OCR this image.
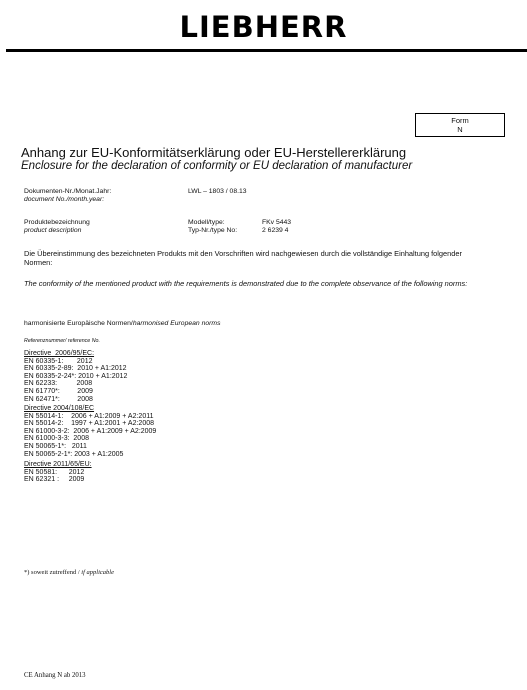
LIEBHERR
Form
N
Anhang zur EU-Konformitätserklärung oder EU-Herstellererklärung
Enclosure for the declaration of conformity or EU declaration of manufacturer
Dokumenten-Nr./Monat.Jahr:
document No./month.year:
LWL – 1803 / 08.13
Produktebezeichnung
product description
Modell/type:	FKv 5443
Typ-Nr./type No:	2 6239 4
Die Übereinstimmung des bezeichneten Produkts mit den Vorschriften wird nachgewiesen durch die vollständige Einhaltung folgender Normen:
The conformity of the mentioned product with the requirements is demonstrated due to the complete observance of the following norms:
harmonisierte Europäische Normen/harmonised European norms
Referenznummer/ reference No.
Directive  2006/95/EC:
EN 60335-1:       2012
EN 60335-2-89:  2010 + A1:2012
EN 60335-2-24*: 2010 + A1:2012
EN 62233:          2008
EN 61770*:         2009
EN 62471*:         2008
Directive 2004/108/EC
EN 55014-1:    2006 + A1:2009 + A2:2011
EN 55014-2:    1997 + A1:2001 + A2:2008
EN 61000-3-2:  2006 + A1:2009 + A2:2009
EN 61000-3-3:  2008
EN 50065-1*:   2011
EN 50065-2-1*: 2003 + A1:2005
Directive 2011/65/EU:
EN 50581:      2012
EN 62321 :     2009
*) soweit zutreffend / if applicable
CE Anhang N ab 2013
